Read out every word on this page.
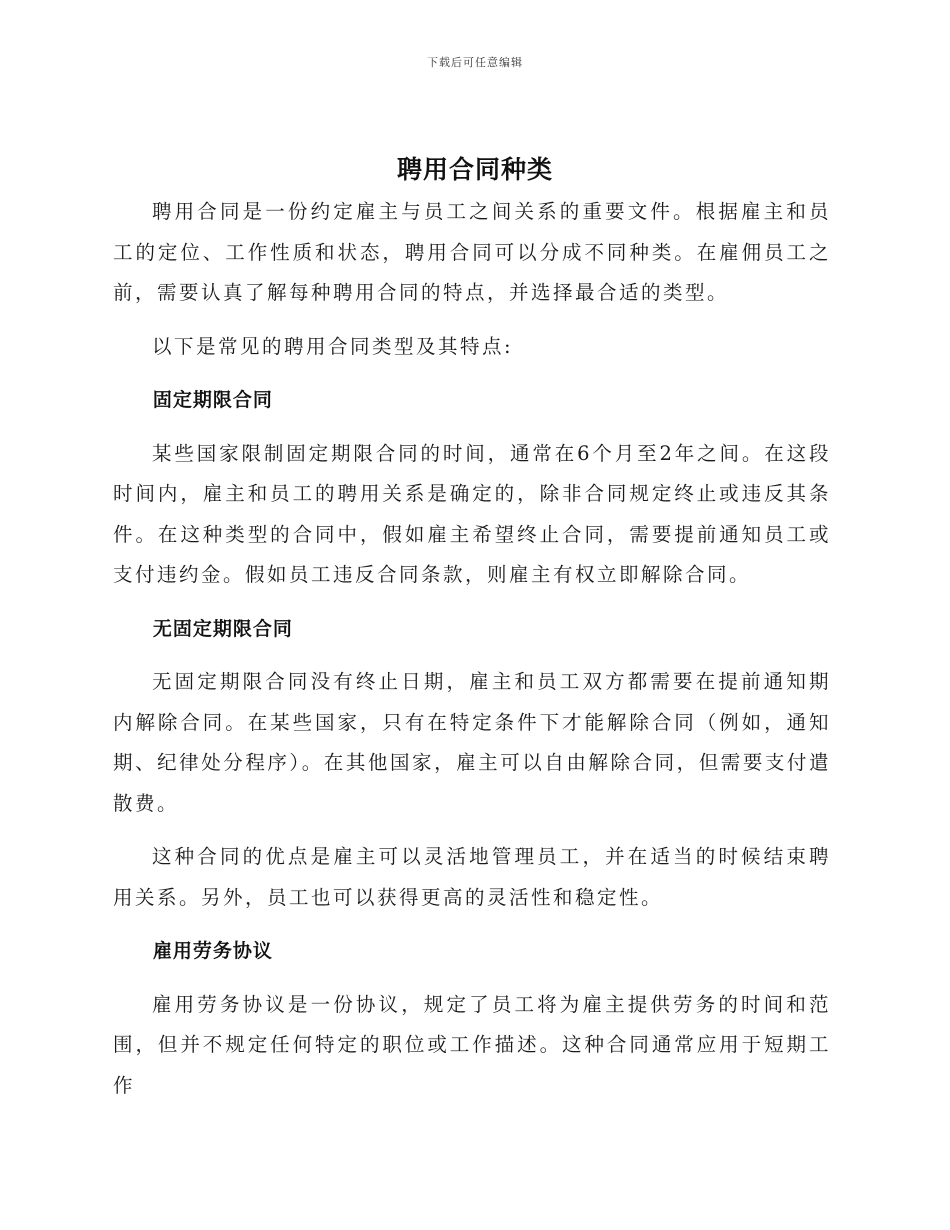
下载后可任意编辑
聘用合同种类

聘用合同是一份约定雇主与员工之间关系的重要文件。根据雇主和员工的定位、工作性质和状态，聘用合同可以分成不同种类。在雇佣员工之前，需要认真了解每种聘用合同的特点，并选择最合适的类型。

以下是常见的聘用合同类型及其特点:

固定期限合同

某些国家限制固定期限合同的时间，通常在6个月至2年之间。在这段时间内，雇主和员工的聘用关系是确定的，除非合同规定终止或违反其条件。在这种类型的合同中，假如雇主希望终止合同，需要提前通知员工或支付违约金。假如员工违反合同条款，则雇主有权立即解除合同。

无固定期限合同

无固定期限合同没有终止日期，雇主和员工双方都需要在提前通知期内解除合同。在某些国家，只有在特定条件下才能解除合同（例如，通知期、纪律处分程序）。在其他国家，雇主可以自由解除合同，但需要支付遣散费。

这种合同的优点是雇主可以灵活地管理员工，并在适当的时候结束聘用关系。另外，员工也可以获得更高的灵活性和稳定性。

雇用劳务协议

雇用劳务协议是一份协议，规定了员工将为雇主提供劳务的时间和范围，但并不规定任何特定的职位或工作描述。这种合同通常应用于短期工作
